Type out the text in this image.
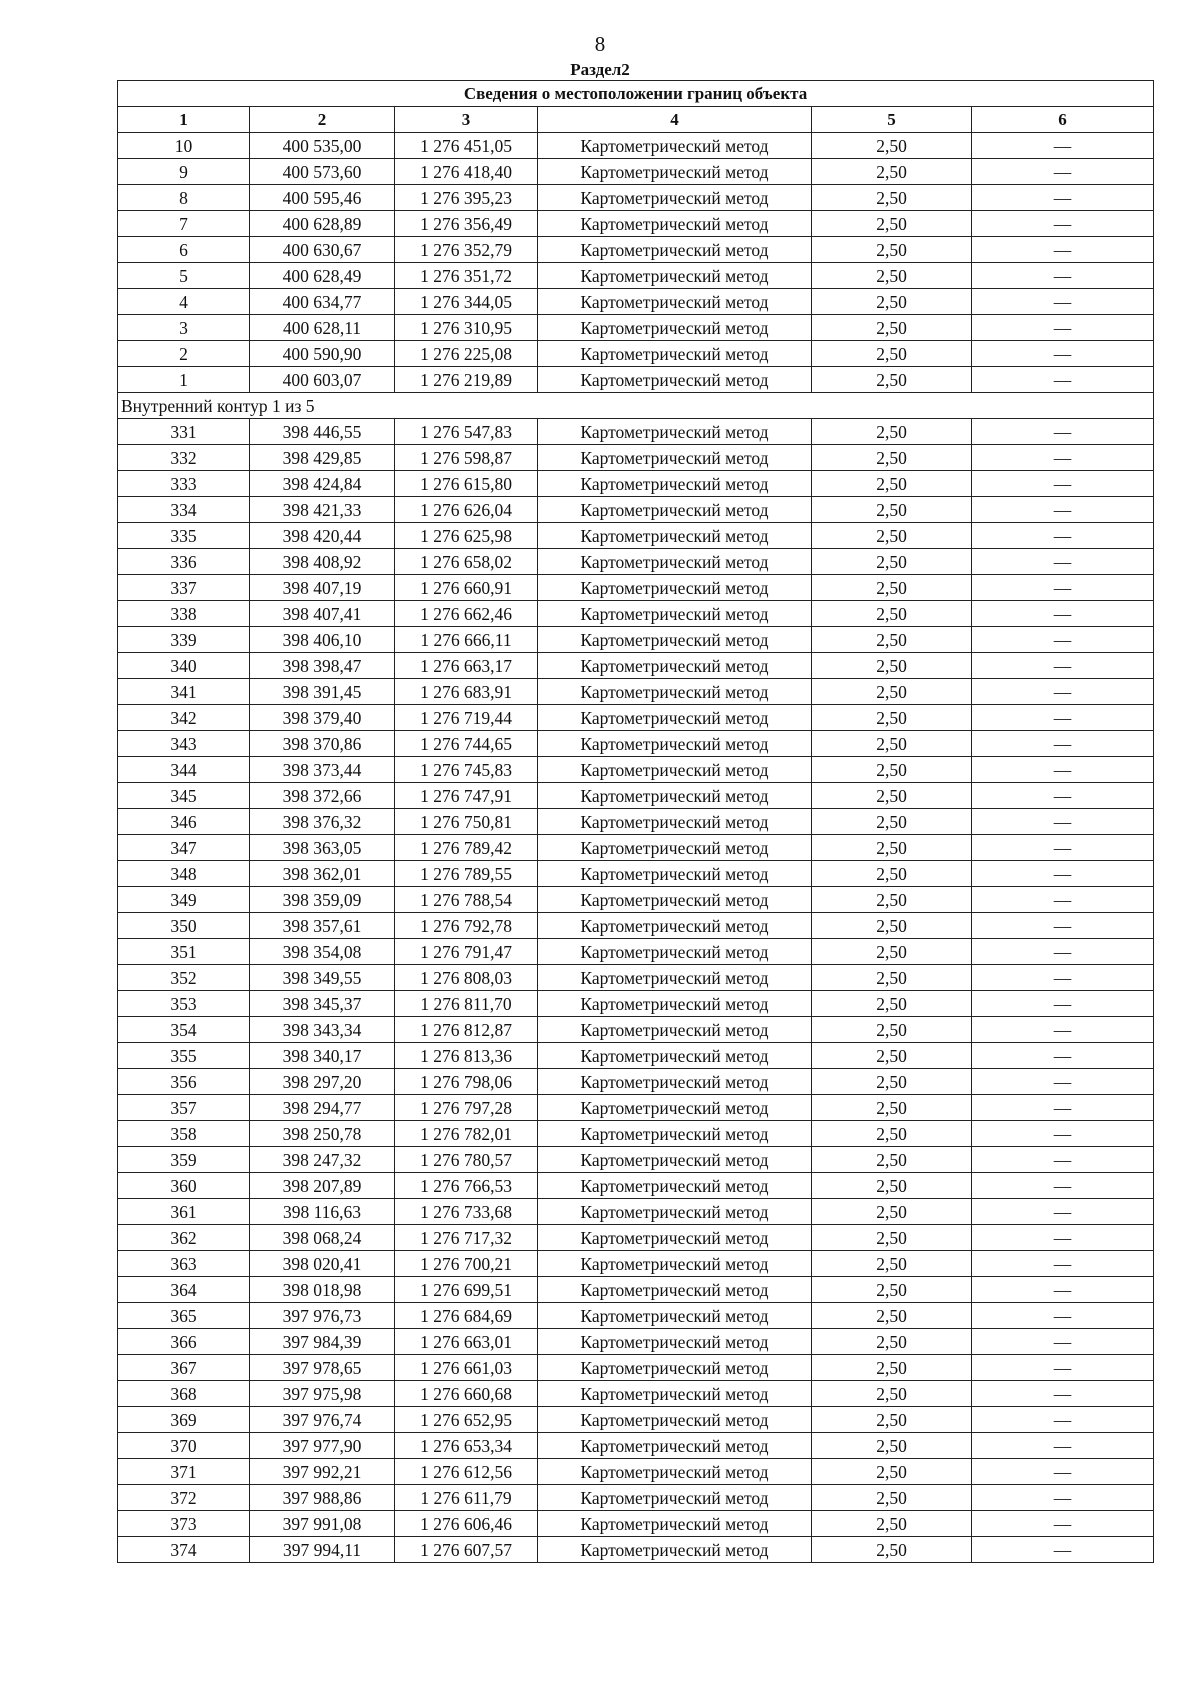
8
Раздел2
Сведения о местоположении границ объекта					
1	2	3	4	5	6
10	400 535,00	1 276 451,05	Картометрический метод	2,50	—
9	400 573,60	1 276 418,40	Картометрический метод	2,50	—
8	400 595,46	1 276 395,23	Картометрический метод	2,50	—
7	400 628,89	1 276 356,49	Картометрический метод	2,50	—
6	400 630,67	1 276 352,79	Картометрический метод	2,50	—
5	400 628,49	1 276 351,72	Картометрический метод	2,50	—
4	400 634,77	1 276 344,05	Картометрический метод	2,50	—
3	400 628,11	1 276 310,95	Картометрический метод	2,50	—
2	400 590,90	1 276 225,08	Картометрический метод	2,50	—
1	400 603,07	1 276 219,89	Картометрический метод	2,50	—
Внутренний контур 1 из 5					
331	398 446,55	1 276 547,83	Картометрический метод	2,50	—
332	398 429,85	1 276 598,87	Картометрический метод	2,50	—
333	398 424,84	1 276 615,80	Картометрический метод	2,50	—
334	398 421,33	1 276 626,04	Картометрический метод	2,50	—
335	398 420,44	1 276 625,98	Картометрический метод	2,50	—
336	398 408,92	1 276 658,02	Картометрический метод	2,50	—
337	398 407,19	1 276 660,91	Картометрический метод	2,50	—
338	398 407,41	1 276 662,46	Картометрический метод	2,50	—
339	398 406,10	1 276 666,11	Картометрический метод	2,50	—
340	398 398,47	1 276 663,17	Картометрический метод	2,50	—
341	398 391,45	1 276 683,91	Картометрический метод	2,50	—
342	398 379,40	1 276 719,44	Картометрический метод	2,50	—
343	398 370,86	1 276 744,65	Картометрический метод	2,50	—
344	398 373,44	1 276 745,83	Картометрический метод	2,50	—
345	398 372,66	1 276 747,91	Картометрический метод	2,50	—
346	398 376,32	1 276 750,81	Картометрический метод	2,50	—
347	398 363,05	1 276 789,42	Картометрический метод	2,50	—
348	398 362,01	1 276 789,55	Картометрический метод	2,50	—
349	398 359,09	1 276 788,54	Картометрический метод	2,50	—
350	398 357,61	1 276 792,78	Картометрический метод	2,50	—
351	398 354,08	1 276 791,47	Картометрический метод	2,50	—
352	398 349,55	1 276 808,03	Картометрический метод	2,50	—
353	398 345,37	1 276 811,70	Картометрический метод	2,50	—
354	398 343,34	1 276 812,87	Картометрический метод	2,50	—
355	398 340,17	1 276 813,36	Картометрический метод	2,50	—
356	398 297,20	1 276 798,06	Картометрический метод	2,50	—
357	398 294,77	1 276 797,28	Картометрический метод	2,50	—
358	398 250,78	1 276 782,01	Картометрический метод	2,50	—
359	398 247,32	1 276 780,57	Картометрический метод	2,50	—
360	398 207,89	1 276 766,53	Картометрический метод	2,50	—
361	398 116,63	1 276 733,68	Картометрический метод	2,50	—
362	398 068,24	1 276 717,32	Картометрический метод	2,50	—
363	398 020,41	1 276 700,21	Картометрический метод	2,50	—
364	398 018,98	1 276 699,51	Картометрический метод	2,50	—
365	397 976,73	1 276 684,69	Картометрический метод	2,50	—
366	397 984,39	1 276 663,01	Картометрический метод	2,50	—
367	397 978,65	1 276 661,03	Картометрический метод	2,50	—
368	397 975,98	1 276 660,68	Картометрический метод	2,50	—
369	397 976,74	1 276 652,95	Картометрический метод	2,50	—
370	397 977,90	1 276 653,34	Картометрический метод	2,50	—
371	397 992,21	1 276 612,56	Картометрический метод	2,50	—
372	397 988,86	1 276 611,79	Картометрический метод	2,50	—
373	397 991,08	1 276 606,46	Картометрический метод	2,50	—
374	397 994,11	1 276 607,57	Картометрический метод	2,50	—
